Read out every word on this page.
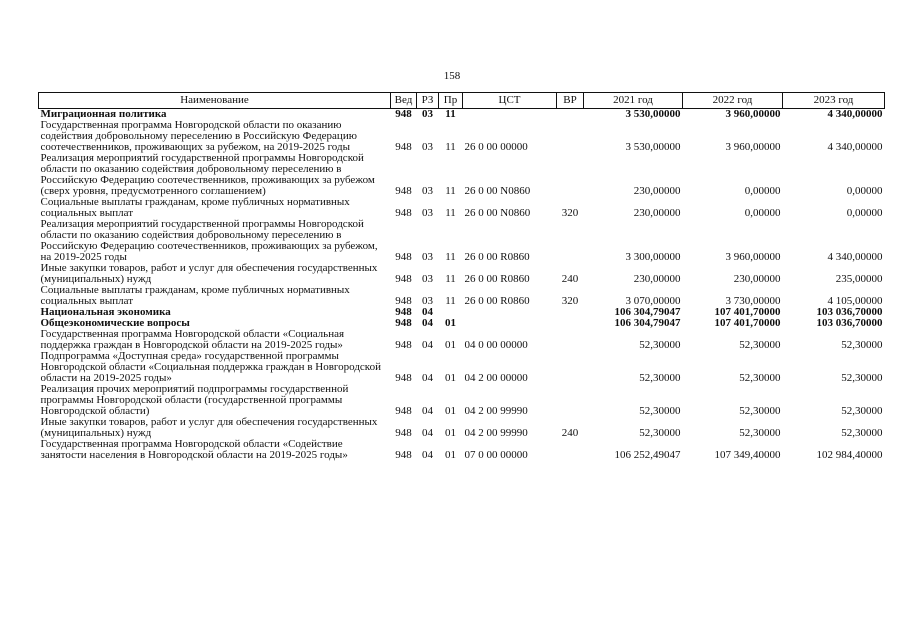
158
Наименование	Вед	РЗ	Пр	ЦСТ	ВР	2021 год	2022 год	2023 год
Миграционная политика	948	03	11			3 530,00000	3 960,00000	4 340,00000
Государственная программа Новгородской области по оказанию содействия добровольному переселению в Российскую Федерацию соотечественников, проживающих за рубежом, на 2019-2025 годы	948	03	11	26 0 00 00000		3 530,00000	3 960,00000	4 340,00000
Реализация мероприятий государственной программы Новгородской области по оказанию содействия добровольному переселению в Российскую Федерацию соотечественников, проживающих за рубежом (сверх уровня, предусмотренного соглашением)	948	03	11	26 0 00 N0860		230,00000	0,00000	0,00000
Социальные выплаты гражданам, кроме публичных нормативных социальных выплат	948	03	11	26 0 00 N0860	320	230,00000	0,00000	0,00000
Реализация мероприятий государственной программы Новгородской области по оказанию содействия добровольному переселению в Российскую Федерацию соотечественников, проживающих за рубежом, на 2019-2025 годы	948	03	11	26 0 00 R0860		3 300,00000	3 960,00000	4 340,00000
Иные закупки товаров, работ и услуг для обеспечения государственных (муниципальных) нужд	948	03	11	26 0 00 R0860	240	230,00000	230,00000	235,00000
Социальные выплаты гражданам, кроме публичных нормативных социальных выплат	948	03	11	26 0 00 R0860	320	3 070,00000	3 730,00000	4 105,00000
Национальная экономика	948	04				106 304,79047	107 401,70000	103 036,70000
Общеэкономические вопросы	948	04	01			106 304,79047	107 401,70000	103 036,70000
Государственная программа Новгородской области «Социальная поддержка граждан в Новгородской области на 2019-2025 годы»	948	04	01	04 0 00 00000		52,30000	52,30000	52,30000
Подпрограмма «Доступная среда» государственной программы Новгородской области «Социальная поддержка граждан в Новгородской области на 2019-2025 годы»	948	04	01	04 2 00 00000		52,30000	52,30000	52,30000
Реализация прочих мероприятий подпрограммы государственной программы Новгородской области (государственной программы Новгородской области)	948	04	01	04 2 00 99990		52,30000	52,30000	52,30000
Иные закупки товаров, работ и услуг для обеспечения государственных (муниципальных) нужд	948	04	01	04 2 00 99990	240	52,30000	52,30000	52,30000
Государственная программа Новгородской области «Содействие занятости населения в Новгородской области на 2019-2025 годы»	948	04	01	07 0 00 00000		106 252,49047	107 349,40000	102 984,40000
